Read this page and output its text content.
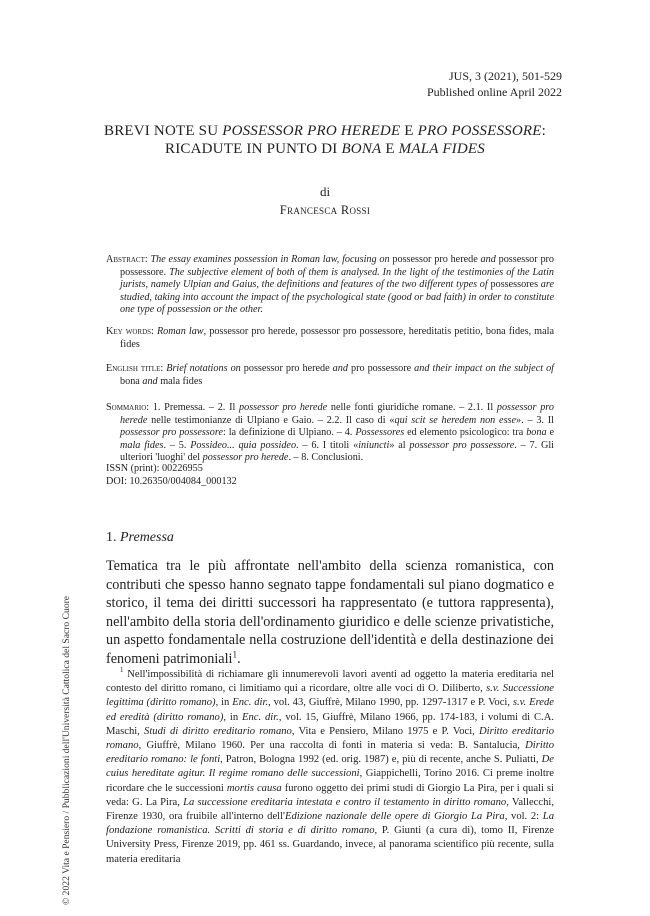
JUS, 3 (2021), 501-529
Published online April 2022
BREVI NOTE SU POSSESSOR PRO HEREDE E PRO POSSESSORE:
RICADUTE IN PUNTO DI BONA E MALA FIDES
di
Francesca Rossi

Abstract: The essay examines possession in Roman law, focusing on possessor pro herede and possessor pro possessore. The subjective element of both of them is analysed. In the light of the testimonies of the Latin jurists, namely Ulpian and Gaius, the definitions and features of the two different types of possessores are studied, taking into account the impact of the psychological state (good or bad faith) in order to constitute one type of possession or the other.

Key words: Roman law, possessor pro herede, possessor pro possessore, hereditatis petitio, bona fides, mala fides

English title: Brief notations on possessor pro herede and pro possessore and their impact on the subject of bona and mala fides

Sommario: 1. Premessa. – 2. Il possessor pro herede nelle fonti giuridiche romane. – 2.1. Il possessor pro herede nelle testimonianze di Ulpiano e Gaio. – 2.2. Il caso di «qui scit se heredem non esse». – 3. Il possessor pro possessore: la definizione di Ulpiano. – 4. Possessores ed elemento psicologico: tra bona e mala fides. – 5. Possideo... quia possideo. – 6. I titoli «iniuncti» al possessor pro possessore. – 7. Gli ulteriori 'luoghi' del possessor pro herede. – 8. Conclusioni.

ISSN (print): 00226955
DOI: 10.26350/004084_000132
1. Premessa
Tematica tra le più affrontate nell'ambito della scienza romanistica, con contributi che spesso hanno segnato tappe fondamentali sul piano dogmatico e storico, il tema dei diritti successori ha rappresentato (e tuttora rappresenta), nell'ambito della storia dell'ordinamento giuridico e delle scienze privatistiche, un aspetto fondamentale nella costruzione dell'identità e della destinazione dei fenomeni patrimoniali$^1$.
$^1$ Nell'impossibilità di richiamare gli innumerevoli lavori aventi ad oggetto la materia ereditaria nel contesto del diritto romano, ci limitiamo qui a ricordare, oltre alle voci di O. Diliberto, s.v. Successione legittima (diritto romano), in Enc. dir., vol. 43, Giuffrè, Milano 1990, pp. 1297-1317 e P. Voci, s.v. Erede ed eredità (diritto romano), in Enc. dir., vol. 15, Giuffrè, Milano 1966, pp. 174-183, i volumi di C.A. Maschi, Studi di diritto ereditario romano, Vita e Pensiero, Milano 1975 e P. Voci, Diritto ereditario romano, Giuffrè, Milano 1960. Per una raccolta di fonti in materia si veda: B. Santalucia, Diritto ereditario romano: le fonti, Patron, Bologna 1992 (ed. orig. 1987) e, più di recente, anche S. Puliatti, De cuius hereditate agitur. Il regime romano delle successioni, Giappichelli, Torino 2016. Ci preme inoltre ricordare che le successioni mortis causa furono oggetto dei primi studi di Giorgio La Pira, per i quali si veda: G. La Pira, La successione ereditaria intestata e contro il testamento in diritto romano, Vallecchi, Firenze 1930, ora fruibile all'interno dell'Edizione nazionale delle opere di Giorgio La Pira, vol. 2: La fondazione romanistica. Scritti di storia e di diritto romano, P. Giunti (a cura di), tomo II, Firenze University Press, Firenze 2019, pp. 461 ss. Guardando, invece, al panorama scientifico più recente, sulla materia ereditaria
© 2022 Vita e Pensiero / Pubblicazioni dell'Università Cattolica del Sacro Cuore
